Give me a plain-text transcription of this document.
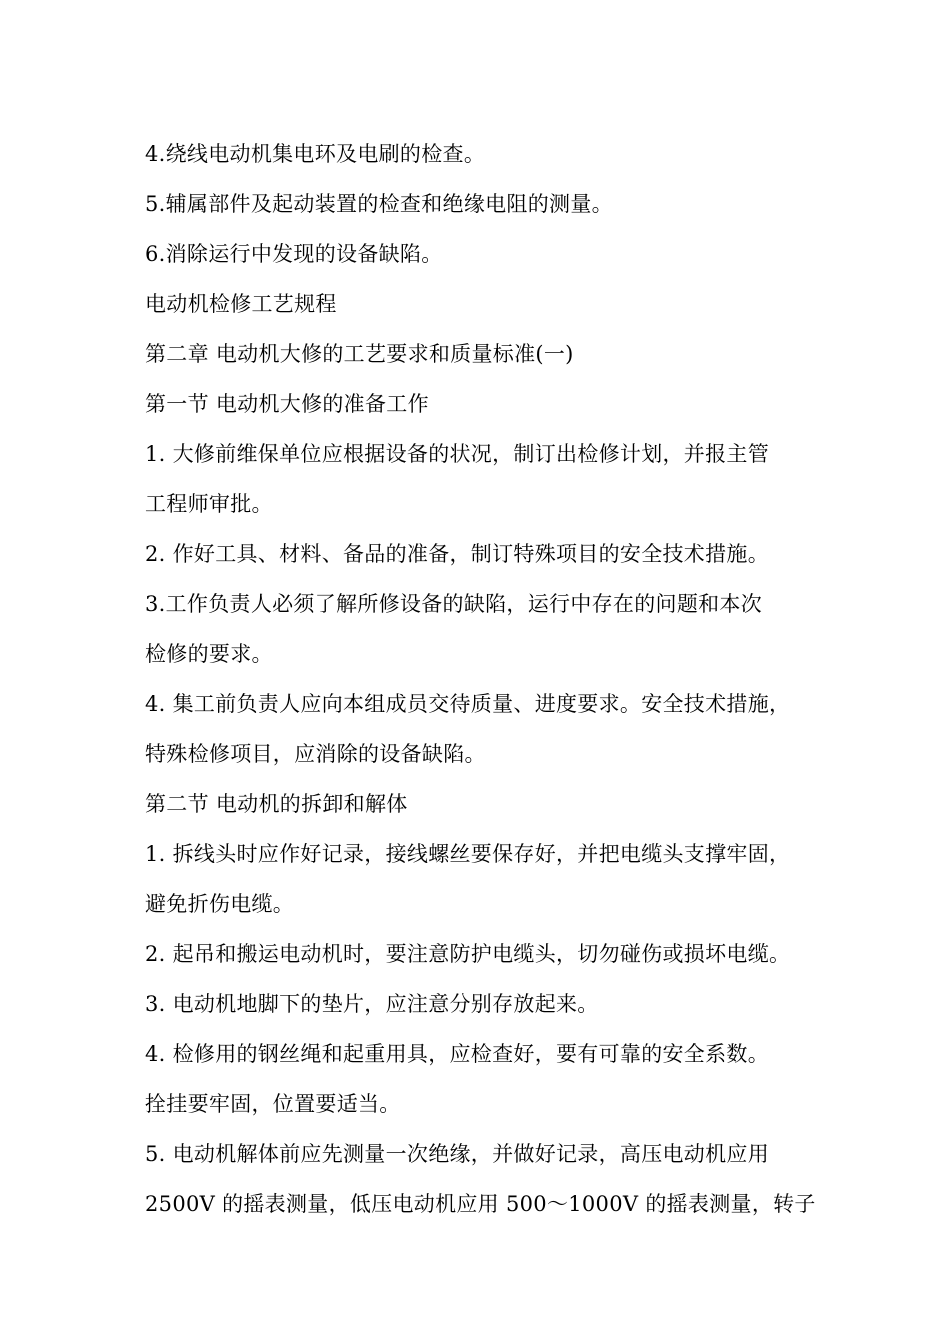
4.绕线电动机集电环及电刷的检查。
5.辅属部件及起动装置的检查和绝缘电阻的测量。
6.消除运行中发现的设备缺陷。
电动机检修工艺规程
第二章 电动机大修的工艺要求和质量标准(一)
第一节 电动机大修的准备工作
1. 大修前维保单位应根据设备的状况，制订出检修计划，并报主管
工程师审批。
2. 作好工具、材料、备品的准备，制订特殊项目的安全技术措施。
3.工作负责人必须了解所修设备的缺陷，运行中存在的问题和本次
检修的要求。
4. 集工前负责人应向本组成员交待质量、进度要求。安全技术措施，
特殊检修项目，应消除的设备缺陷。
第二节 电动机的拆卸和解体
1. 拆线头时应作好记录，接线螺丝要保存好，并把电缆头支撑牢固，
避免折伤电缆。
2. 起吊和搬运电动机时，要注意防护电缆头，切勿碰伤或损坏电缆。
3. 电动机地脚下的垫片，应注意分别存放起来。
4. 检修用的钢丝绳和起重用具，应检查好，要有可靠的安全系数。
拴挂要牢固，位置要适当。
5. 电动机解体前应先测量一次绝缘，并做好记录，高压电动机应用
2500V 的摇表测量，低压电动机应用 500～1000V 的摇表测量，转子
